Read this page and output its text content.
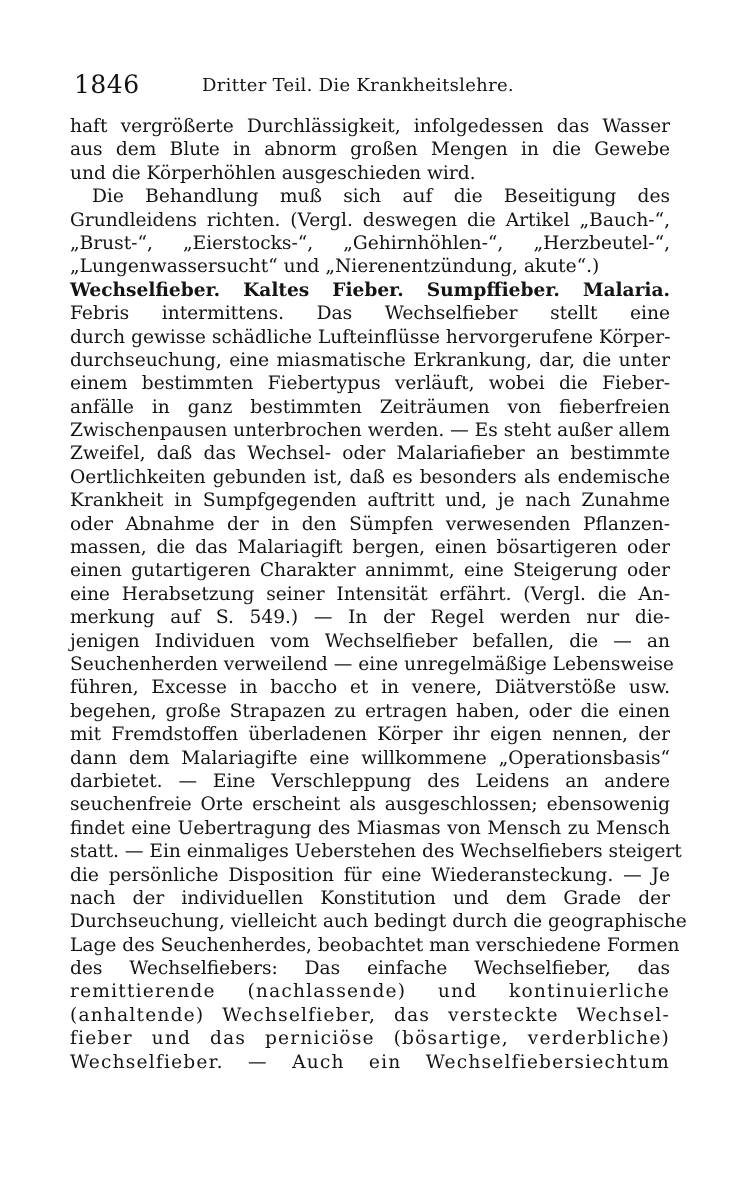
1846	Dritter Teil. Die Krankheitslehre.
haft vergrößerte Durchlässigkeit, infolgedessen das Wasser
aus dem Blute in abnorm großen Mengen in die Gewebe
und die Körperhöhlen ausgeschieden wird.
Die Behandlung muß sich auf die Beseitigung des
Grundleidens richten. (Vergl. deswegen die Artikel „Bauch-“,
„Brust-“, „Eierstocks-“, „Gehirnhöhlen-“, „Herzbeutel-“,
„Lungenwassersucht“ und „Nierenentzündung, akute“.)
Wechselfieber. Kaltes Fieber. Sumpffieber. Malaria.
Febris intermittens. Das Wechselfieber stellt eine
durch gewisse schädliche Lufteinflüsse hervorgerufene Körper-
durchseuchung, eine miasmatische Erkrankung, dar, die unter
einem bestimmten Fiebertypus verläuft, wobei die Fieber-
anfälle in ganz bestimmten Zeiträumen von fieberfreien
Zwischenpausen unterbrochen werden. — Es steht außer allem
Zweifel, daß das Wechsel- oder Malariafieber an bestimmte
Oertlichkeiten gebunden ist, daß es besonders als endemische
Krankheit in Sumpfgegenden auftritt und, je nach Zunahme
oder Abnahme der in den Sümpfen verwesenden Pflanzen-
massen, die das Malariagift bergen, einen bösartigeren oder
einen gutartigeren Charakter annimmt, eine Steigerung oder
eine Herabsetzung seiner Intensität erfährt. (Vergl. die An-
merkung auf S. 549.) — In der Regel werden nur die-
jenigen Individuen vom Wechselfieber befallen, die — an
Seuchenherden verweilend — eine unregelmäßige Lebensweise
führen, Excesse in baccho et in venere, Diätverstöße usw.
begehen, große Strapazen zu ertragen haben, oder die einen
mit Fremdstoffen überladenen Körper ihr eigen nennen, der
dann dem Malariagifte eine willkommene „Operationsbasis“
darbietet. — Eine Verschleppung des Leidens an andere
seuchenfreie Orte erscheint als ausgeschlossen; ebensowenig
findet eine Uebertragung des Miasmas von Mensch zu Mensch
statt. — Ein einmaliges Ueberstehen des Wechselfiebers steigert
die persönliche Disposition für eine Wiederansteckung. — Je
nach der individuellen Konstitution und dem Grade der
Durchseuchung, vielleicht auch bedingt durch die geographische
Lage des Seuchenherdes, beobachtet man verschiedene Formen
des Wechselfiebers: Das einfache Wechselfieber, das
remittierende (nachlassende) und kontinuierliche
(anhaltende) Wechselfieber, das versteckte Wechsel-
fieber und das perniciöse (bösartige, verderbliche)
Wechselfieber. — Auch ein Wechselfiebersiechtum
